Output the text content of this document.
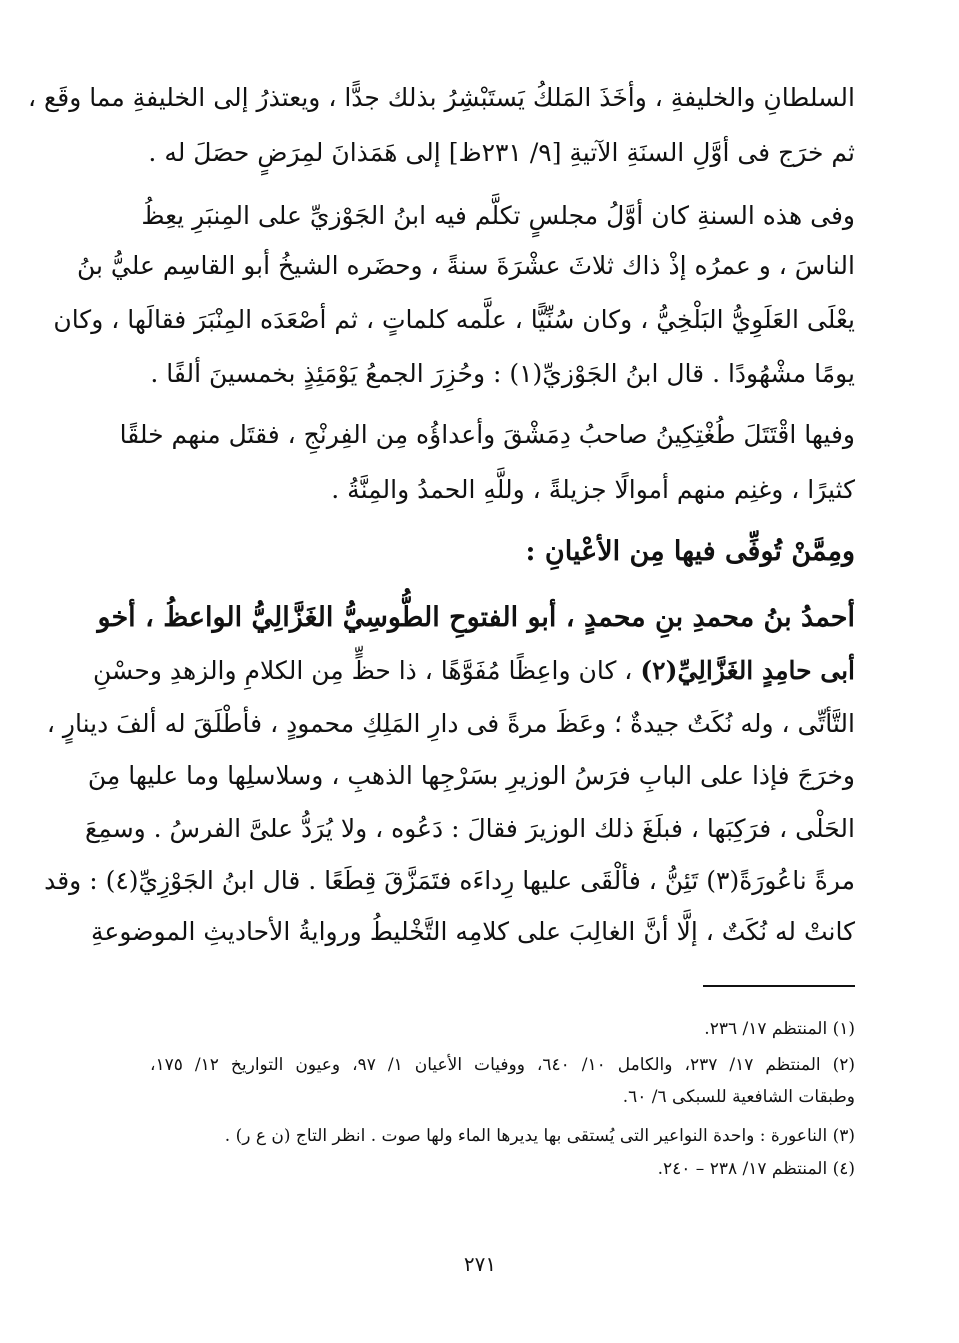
السلطانِ والخليفةِ ، وأخَذَ المَلكُ يَستَبْشِرُ بذلك جدًّا ، ويعتذرُ إلى الخليفةِ مما وقَع ،
ثم خرَج فى أوَّلِ السنَةِ الآتيةِ [٩/ ٢٣١ظ] إلى هَمَذانَ لمِرَضٍ حصَلَ له .
وفى هذه السنةِ كان أوَّلُ مجلسٍ تكلَّم فيه ابنُ الجَوْزيِّ على المِنبَرِ يعِظُ
الناسَ ، و عمرُه إذْ ذاك ثلاثَ عشْرَةَ سنةً ، وحضَره الشيخُ أبو القاسِم عليُّ بنُ
يعْلَى العَلَوِيُّ البَلْخِيُّ ، وكان سُنِّيًّا ، علَّمه كلماتٍ ، ثم أصْعَدَه المِنْبَرَ فقالَها ، وكان
يومًا مشْهُودًا . قال ابنُ الجَوْزيِّ(١) : وحُزِرَ الجمعُ يَوْمَئِذٍ بخمسينَ ألفًا .
وفيها اقْتَتَلَ طُغْتِكِينُ صاحبُ دِمَشْقَ وأعداؤُه مِن الفِرنْجِ ، فقتَل منهم خلقًا
كثيرًا ، وغنِم منهم أموالًا جزيلةً ، وللَّهِ الحمدُ والمِنَّةُ .
ومِمَّنْ تُوفِّى فيها مِن الأعْيانِ :
أحمدُ بنُ محمدِ بنِ محمدٍ ، أبو الفتوحِ الطُّوسِيُّ الغَزَّالِيُّ الواعظُ ، أخو
أبى حامِدٍ الغَزَّالِيِّ(٢) ، كان واعِظًا مُفَوَّهًا ، ذا حظٍّ مِن الكلامِ والزهدِ وحسْنِ
التَّأتِّى ، وله نُكَتٌ جيدةٌ ؛ وعَظَ مرةً فى دارِ المَلِكِ محمودٍ ، فأطْلَقَ له ألفَ دينارٍ ،
وخرَجَ فإذا على البابِ فرَسُ الوزيرِ بسَرْجِها الذهبِ ، وسلاسلِها وما عليها مِنَ
الحَلْى ، فرَكِبَها ، فبلَغَ ذلك الوزيرَ فقالَ : دَعُوه ، ولا يُرَدُّ علىَّ الفرسُ . وسمِعَ
مرةً ناعُورَةً(٣) تَئِنُّ ، فألْقَى عليها رِداءَه فتَمَزَّقَ قِطَعًا . قال ابنُ الجَوْزِيِّ(٤) : وقد
كانتْ له نُكَتٌ ، إلَّا أنَّ الغالِبَ على كلامِه التَّخْليطُ وروايةُ الأحاديثِ الموضوعةِ
(١) المنتظم ١٧/ ٢٣٦.
(٢) المنتظم ١٧/ ٢٣٧، والكامل ١٠/ ٦٤٠، ووفيات الأعيان ١/ ٩٧، وعيون التواريخ ١٢/ ١٧٥،
وطبقات الشافعية للسبكى ٦/ ٦٠.
(٣) الناعورة : واحدة النواعير التى يُستقى بها يديرها الماء ولها صوت . انظر التاج (ن ع ر) .
(٤) المنتظم ١٧/ ٢٣٨ – ٢٤٠.
٢٧١
